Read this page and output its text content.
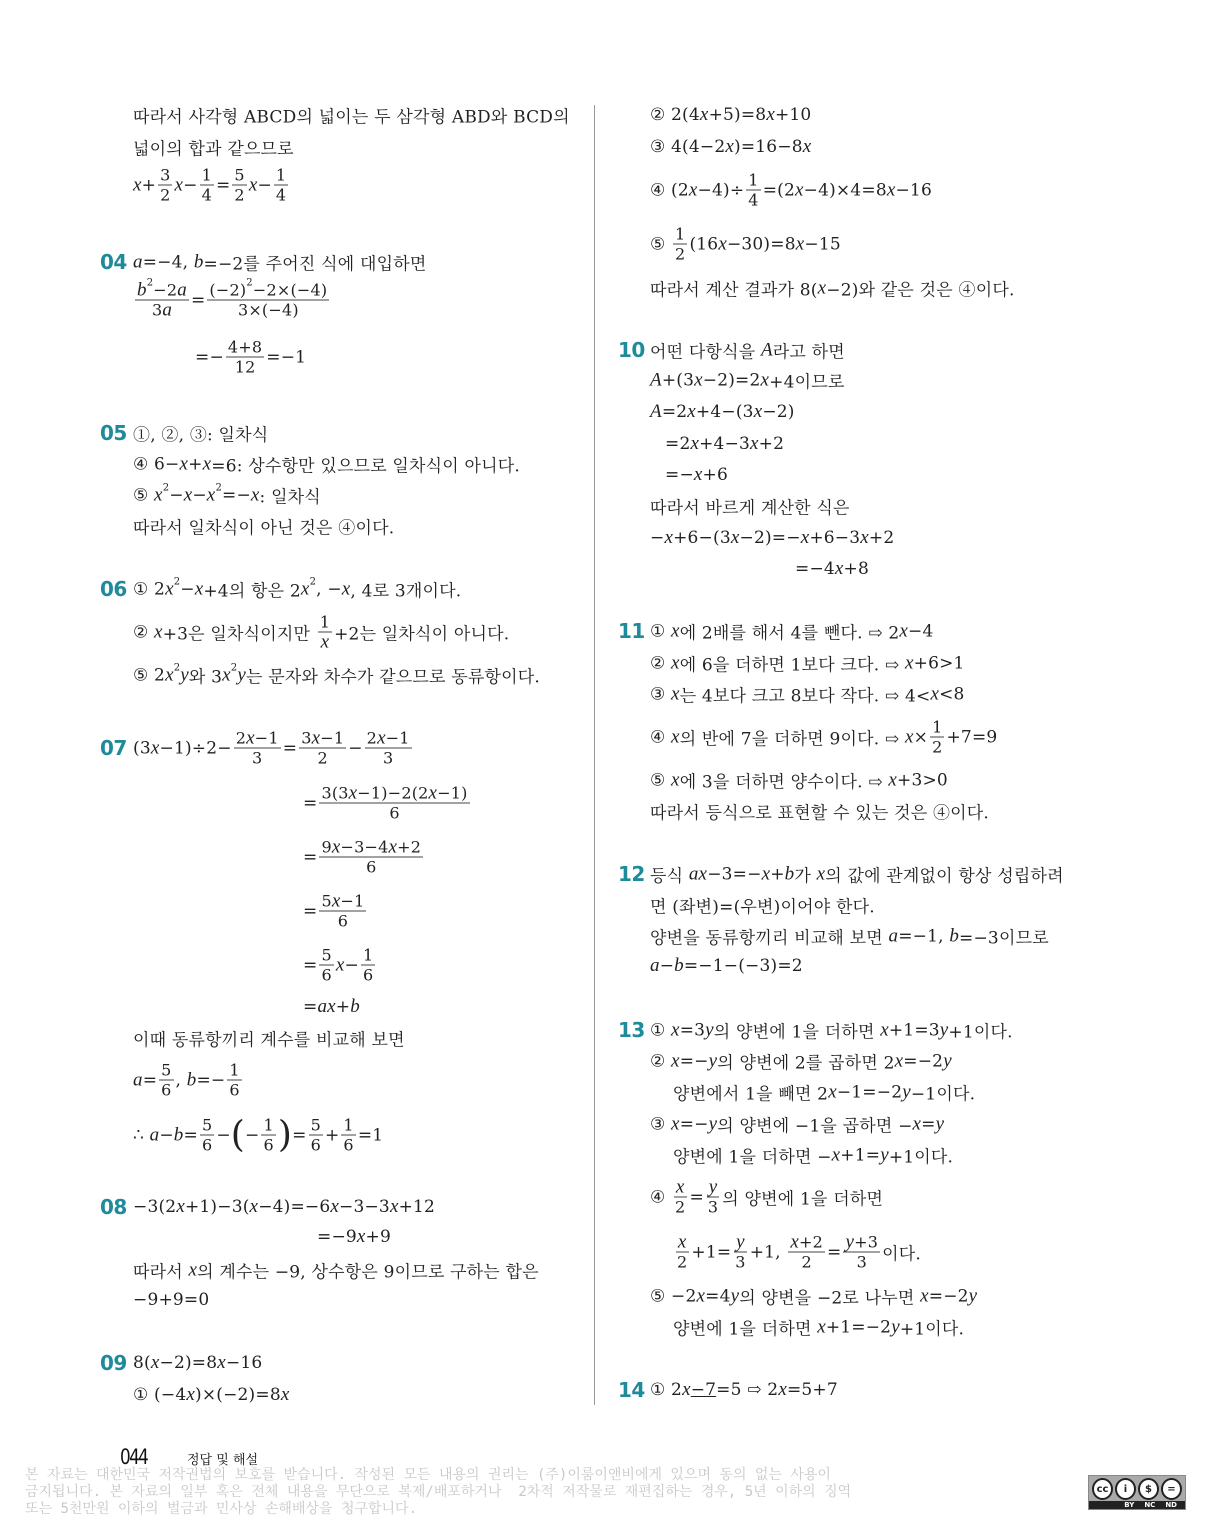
따라서 사각형 ABCD의 넓이는 두 삼각형 ABD와 BCD의
넓이의 합과 같으므로
$x + \frac{3}{2}$ $x - \frac{1}{4} = \frac{5}{2}$ $x - \frac{1}{4}$
04 a =−4, b =−2를 주어진 식에 대입하면
$\frac{b 2 -2 a}{3 a} = \frac{(-2) 2 -2\times(-4)}{3\times(-4)}$
=− $\frac{4+8}{12} =-1$
05 ①, ②, ③: 일차식
④ 6− x + x =6: 상수항만 있으므로 일차식이 아니다.
⑤ x 2 − x − x 2 =− x : 일차식
따라서 일차식이 아닌 것은 ④이다.
06 ① 2 x 2 − x +4의 항은 2 x 2 , − x , 4로 3개이다.
② x +3은 일차식이지만 $\frac{1}{x} +2$는 일차식이 아니다.
⑤ 2 x 2 y 와 3 x 2 y 는 문자와 차수가 같으므로 동류항이다.
07 (3 $x -1)\div 2- \frac{2 x -1}{3} = \frac{3 x -1}{2} - \frac{2 x -1}{3}$
= $\frac{3(3 x -1)-2(2 x -1)}{6}$
= $\frac{9 x -3-4 x +2}{6}$
= $\frac{5 x -1}{6}$
= $\frac{5}{6}$ $x - \frac{1}{6}$
= ax + b
이때 동류항끼리 계수를 비교해 보면
$a = \frac{5}{6}$ , $b =- \frac{1}{6}$
∴ $a - b = \frac{5}{6}$ − ( − $\frac{1}{6}$ ) = $\frac{5}{6} + \frac{1}{6} =1$
08 −3(2 x +1)−3( x −4)=−6 x −3−3 x +12
=−9 x +9
따라서 x 의 계수는 −9, 상수항은 9이므로 구하는 합은
−9+9=0
09 8( x −2)=8 x −16
① (−4 x )×(−2)=8 x
② 2(4 x +5)=8 x +10
③ 4(4−2 x )=16−8 x
④ (2 $x -4)\div \frac{1}{4} =(2$ x −4)×4=8 x −16
⑤ $\frac{1}{2} (16$ x −30)=8 x −15
따라서 계산 결과가 8( x −2)와 같은 것은 ④이다.
10 어떤 다항식을 A 라고 하면
A +(3 x −2)=2 x +4이므로
A =2 x +4−(3 x −2)
=2 x +4−3 x +2
=− x +6
따라서 바르게 계산한 식은
− x +6−(3 x −2)=− x +6−3 x +2
=−4 x +8
11 ① x 에 2배를 해서 4를 뺀다. ⇨ 2 x −4
② x 에 6을 더하면 1보다 크다. ⇨ x +6>1
③ x 는 4보다 크고 8보다 작다. ⇨ 4< x <8
④ x 의 반에 7을 더하면 9이다. ⇨ $x \times \frac{1}{2} +7=9$
⑤ x 에 3을 더하면 양수이다. ⇨ x +3>0
따라서 등식으로 표현할 수 있는 것은 ④이다.
12 등식 ax −3=− x + b 가 x 의 값에 관계없이 항상 성립하려
면 (좌변)=(우변)이어야 한다.
양변을 동류항끼리 비교해 보면 a =−1, b =−3이므로
a − b =−1−(−3)=2
13 ① x =3 y 의 양변에 1을 더하면 x +1=3 y +1이다.
② x =− y 의 양변에 2를 곱하면 2 x =−2 y
양변에서 1을 빼면 2 x −1=−2 y −1이다.
③ x =− y 의 양변에 −1을 곱하면 − x = y
양변에 1을 더하면 − x +1= y +1이다.
④ $\frac{x}{2} = \frac{y}{3}$ 의 양변에 1을 더하면
$\frac{x}{2} +1= \frac{y}{3} +1$, $\frac{x +2}{2} = \frac{y +3}{3}$ 이다.
⑤ −2 x =4 y 의 양변을 −2로 나누면 x =−2 y
양변에 1을 더하면 x +1=−2 y +1이다.
14 ① 2 x −7 =5 ⇨ 2 x =5+7
044	정답 및 해설
본 자료는 대한민국 저작권법의 보호를 받습니다. 작성된 모든 내용의 권리는 (주)이룸이앤비에게 있으며 동의 없는 사용이
금지됩니다. 본 자료의 일부 혹은 전체 내용을 무단으로 복제/배포하거나  2차적 저작물로 재편집하는 경우, 5년 이하의 징역
또는 5천만원 이하의 벌금과 민사상 손해배상을 청구합니다.
cc	i	$	=
BY NC ND
